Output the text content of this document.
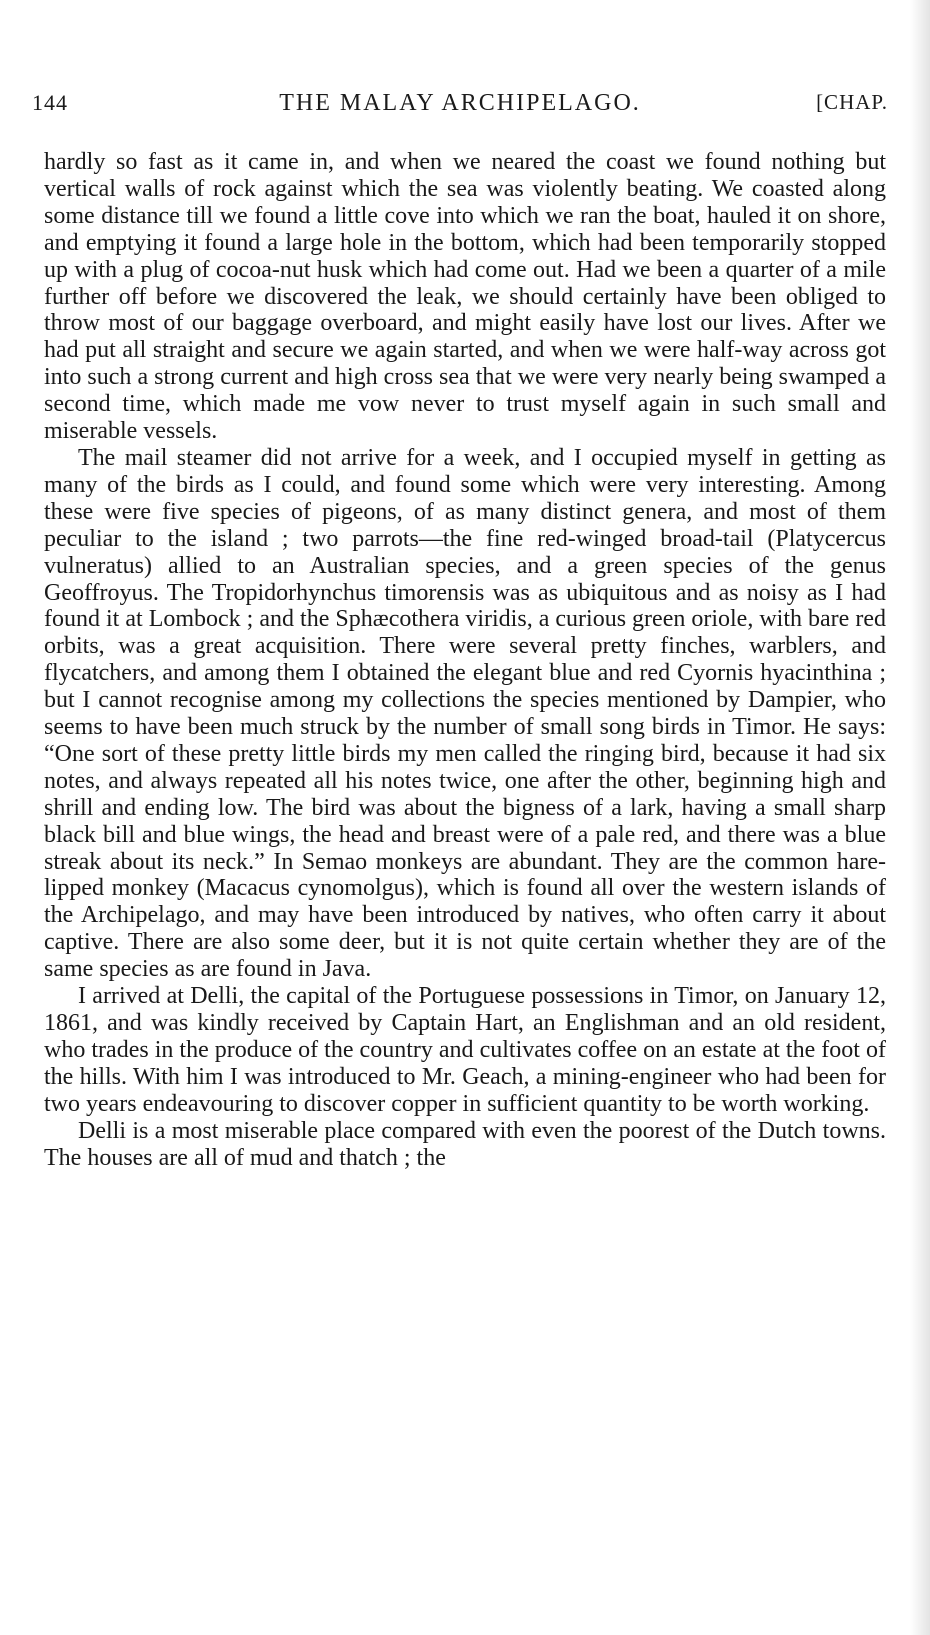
144	THE MALAY ARCHIPELAGO.	[CHAP.

hardly so fast as it came in, and when we neared the coast we found nothing but vertical walls of rock against which the sea was violently beating. We coasted along some distance till we found a little cove into which we ran the boat, hauled it on shore, and emptying it found a large hole in the bottom, which had been temporarily stopped up with a plug of cocoa-nut husk which had come out. Had we been a quarter of a mile further off before we discovered the leak, we should certainly have been obliged to throw most of our baggage overboard, and might easily have lost our lives. After we had put all straight and secure we again started, and when we were half-way across got into such a strong current and high cross sea that we were very nearly being swamped a second time, which made me vow never to trust myself again in such small and miserable vessels.

The mail steamer did not arrive for a week, and I occupied myself in getting as many of the birds as I could, and found some which were very interesting. Among these were five species of pigeons, of as many distinct genera, and most of them peculiar to the island ; two parrots—the fine red-winged broad-tail (Platycercus vulneratus) allied to an Australian species, and a green species of the genus Geoffroyus. The Tropidorhynchus timorensis was as ubiquitous and as noisy as I had found it at Lombock ; and the Sphæcothera viridis, a curious green oriole, with bare red orbits, was a great acquisition. There were several pretty finches, warblers, and flycatchers, and among them I obtained the elegant blue and red Cyornis hyacinthina ; but I cannot recognise among my collections the species mentioned by Dampier, who seems to have been much struck by the number of small song birds in Timor. He says: “One sort of these pretty little birds my men called the ringing bird, because it had six notes, and always repeated all his notes twice, one after the other, beginning high and shrill and ending low. The bird was about the bigness of a lark, having a small sharp black bill and blue wings, the head and breast were of a pale red, and there was a blue streak about its neck.” In Semao monkeys are abundant. They are the common hare-lipped monkey (Macacus cynomolgus), which is found all over the western islands of the Archipelago, and may have been introduced by natives, who often carry it about captive. There are also some deer, but it is not quite certain whether they are of the same species as are found in Java.

I arrived at Delli, the capital of the Portuguese possessions in Timor, on January 12, 1861, and was kindly received by Captain Hart, an Englishman and an old resident, who trades in the produce of the country and cultivates coffee on an estate at the foot of the hills. With him I was introduced to Mr. Geach, a mining-engineer who had been for two years endeavouring to discover copper in sufficient quantity to be worth working.

Delli is a most miserable place compared with even the poorest of the Dutch towns. The houses are all of mud and thatch ; the
